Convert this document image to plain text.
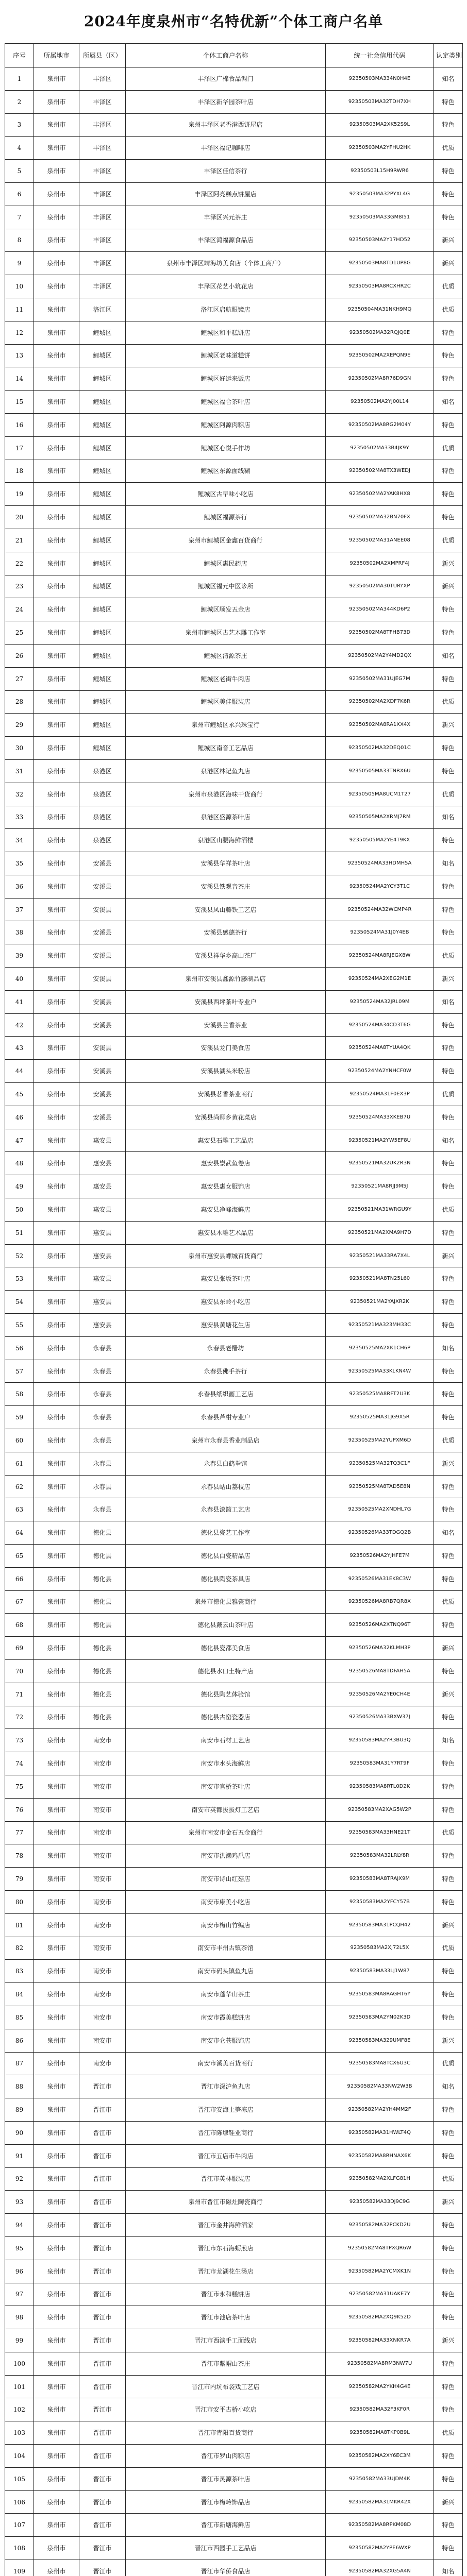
2024年度泉州市“名特优新”个体工商户名单
序号	所属地市	所属县（区）	个体工商户名称	统一社会信用代码	认定类别
1	泉州市	丰泽区	丰泽区广棉食品调门	92350503MA334N0H4E	知名
2	泉州市	丰泽区	丰泽区新华园茶叶店	92350503MA32TDH7XH	特色
3	泉州市	丰泽区	泉州丰泽区老香港西饼屋店	92350503MA2XK52S9L	特色
4	泉州市	丰泽区	丰泽区福记咖啡店	92350503MA2YFHU2HK	优质
5	泉州市	丰泽区	丰泽区佳信茶行	92350503L15H9RWR6	特色
6	泉州市	丰泽区	丰泽区阿亮糕点饼屋店	92350503MA32PYXL4G	特色
7	泉州市	丰泽区	丰泽区兴元茶庄	92350503MA33GM8I51	特色
8	泉州市	丰泽区	丰泽区鸿福源食品店	92350503MA2Y17HD52	新兴
9	泉州市	丰泽区	泉州市丰泽区靖海坊美食店（个体工商户）	92350503MA8TD1UP8G	新兴
10	泉州市	丰泽区	丰泽区花艺小筑花店	92350503MA8RCXHR2C	优质
11	泉州市	洛江区	洛江区启航眼镜店	92350504MA31NKH9MQ	优质
12	泉州市	鲤城区	鲤城区和平糕饼店	92350502MA32RQJQ0E	特色
13	泉州市	鲤城区	鲤城区老味道糕饼	92350502MA2XEPQN9E	特色
14	泉州市	鲤城区	鲤城区好运来饭店	92350502MA8R76D9GN	特色
15	泉州市	鲤城区	鲤城区福合茶叶店	92350502MA2YJ00L14	知名
16	泉州市	鲤城区	鲤城区阿源肉粽店	92350502MA8RG2M04Y	特色
17	泉州市	鲤城区	鲤城区心悦手作坊	92350502MA33B4JK9Y	优质
18	泉州市	鲤城区	鲤城区东源面线糊	92350502MA8TX3WEDJ	特色
19	泉州市	鲤城区	鲤城区古早味小吃店	92350502MA2YAK8HX8	特色
20	泉州市	鲤城区	鲤城区福源茶行	92350502MA32BN70FX	特色
21	泉州市	鲤城区	泉州市鲤城区金鑫百货商行	92350502MA31ANEE08	优质
22	泉州市	鲤城区	鲤城区惠民药店	92350502MA2XMPRF4J	新兴
23	泉州市	鲤城区	鲤城区福元中医诊所	92350502MA30TURYXP	新兴
24	泉州市	鲤城区	鲤城区顺发五金店	92350502MA344KD6P2	特色
25	泉州市	鲤城区	泉州市鲤城区古艺木雕工作室	92350502MA8TFHB73D	特色
26	泉州市	鲤城区	鲤城区清源茶庄	92350502MA2Y4MD2QX	知名
27	泉州市	鲤城区	鲤城区老街牛肉店	92350502MA31UJEG7M	特色
28	泉州市	鲤城区	鲤城区美佳服装店	92350502MA2XDF7K6R	优质
29	泉州市	鲤城区	泉州市鲤城区永兴珠宝行	92350502MA8RA1XX4X	新兴
30	泉州市	鲤城区	鲤城区南音工艺品店	92350502MA32DEQ01C	特色
31	泉州市	泉港区	泉港区林记鱼丸店	92350505MA33TNRX6U	特色
32	泉州市	泉港区	泉州市泉港区海味干货商行	92350505MA8UCM1T27	优质
33	泉州市	泉港区	泉港区盛源茶叶店	92350505MA2XRMJ7RM	知名
34	泉州市	泉港区	泉港区山腰海鲜酒楼	92350505MA2YE4T9KX	特色
35	泉州市	安溪县	安溪县华祥茶叶店	92350524MA33HDMH5A	知名
36	泉州市	安溪县	安溪县铁观音茶庄	92350524MA2YCY3T1C	特色
37	泉州市	安溪县	安溪县凤山藤铁工艺店	92350524MA32WCMP4R	特色
38	泉州市	安溪县	安溪县感德茶行	92350524MA31J0Y4EB	特色
39	泉州市	安溪县	安溪县祥华乡高山茶厂	92350524MA8RJEGX8W	优质
40	泉州市	安溪县	泉州市安溪县鑫源竹藤制品店	92350524MA2XEG2M1E	新兴
41	泉州市	安溪县	安溪县西坪茶叶专业户	92350524MA32JRL09M	知名
42	泉州市	安溪县	安溪县兰香茶业	92350524MA34CD3T6G	特色
43	泉州市	安溪县	安溪县龙门美食店	92350524MA8TYUA4QK	特色
44	泉州市	安溪县	安溪县湖头米粉店	92350524MA2YNHCF0W	特色
45	泉州市	安溪县	安溪县茗香茶业商行	92350524MA31F0EX3P	优质
46	泉州市	安溪县	安溪县尚卿乡黄花菜店	92350524MA33XKEB7U	特色
47	泉州市	惠安县	惠安县石雕工艺品店	92350521MA2YW5EF8U	知名
48	泉州市	惠安县	惠安县崇武鱼卷店	92350521MA32UK2R3N	特色
49	泉州市	惠安县	惠安县惠女服饰店	92350521MA8RJJ9M5J	特色
50	泉州市	惠安县	惠安县净峰海鲜店	92350521MA31WRGU9Y	优质
51	泉州市	惠安县	惠安县木雕艺术品店	92350521MA2XMA9H7D	特色
52	泉州市	惠安县	泉州市惠安县螺城百货商行	92350521MA33RA7X4L	新兴
53	泉州市	惠安县	惠安县张坂茶叶店	92350521MA8TN25L60	特色
54	泉州市	惠安县	惠安县东岭小吃店	92350521MA2YAJXR2K	特色
55	泉州市	惠安县	惠安县黄塘花生店	92350521MA323MH33C	特色
56	泉州市	永春县	永春县老醋坊	92350525MA2XK1CH6P	知名
57	泉州市	永春县	永春县佛手茶行	92350525MA33KLKN4W	特色
58	泉州市	永春县	永春县纸织画工艺店	92350525MA8RFT2U3K	特色
59	泉州市	永春县	永春县芦柑专业户	92350525MA31JG9X5R	特色
60	泉州市	永春县	泉州市永春县香业制品店	92350525MA2YUPXM6D	优质
61	泉州市	永春县	永春县白鹤拳馆	92350525MA32TQ3C1F	新兴
62	泉州市	永春县	永春县岵山荔枝店	92350525MA8TAD5E8N	特色
63	泉州市	永春县	永春县漆篮工艺店	92350525MA2XNDHL7G	特色
64	泉州市	德化县	德化县瓷艺工作室	92350526MA33TDGQ2B	知名
65	泉州市	德化县	德化县白瓷精品店	92350526MA2YJHFE7M	特色
66	泉州市	德化县	德化县陶瓷茶具店	92350526MA31EK8C3W	特色
67	泉州市	德化县	泉州市德化县雅瓷商行	92350526MA8RB7QR8X	优质
68	泉州市	德化县	德化县戴云山茶叶店	92350526MA2XTNQ96T	特色
69	泉州市	德化县	德化县瓷都美食店	92350526MA32KLMH3P	新兴
70	泉州市	德化县	德化县水口土特产店	92350526MA8TDFAH5A	特色
71	泉州市	德化县	德化县陶艺体验馆	92350526MA2YE0CH4E	新兴
72	泉州市	德化县	德化县古窑瓷器店	92350526MA33BXW37J	特色
73	泉州市	南安市	南安市石材工艺店	92350583MA2YR3BU3Q	知名
74	泉州市	南安市	南安市水头海鲜店	92350583MA31Y7RT9F	特色
75	泉州市	南安市	南安市官桥茶叶店	92350583MA8RTL0D2K	特色
76	泉州市	南安市	南安市英都拔拔灯工艺店	92350583MA2XAG5W2P	特色
77	泉州市	南安市	泉州市南安市金石五金商行	92350583MA33HNE21T	优质
78	泉州市	南安市	南安市洪濑鸡爪店	92350583MA32LRLY8R	特色
79	泉州市	南安市	南安市诗山红菇店	92350583MA8TRAJX9M	特色
80	泉州市	南安市	南安市康美小吃店	92350583MA2YFCY57B	特色
81	泉州市	南安市	南安市梅山竹编店	92350583MA31PCQH42	新兴
82	泉州市	南安市	南安市丰州古镇茶馆	92350583MA2XJ72L5X	优质
83	泉州市	南安市	南安市码头镇鱼丸店	92350583MA33LJ1W87	特色
84	泉州市	南安市	南安市蓬华山茶庄	92350583MA8RAGHT6Y	特色
85	泉州市	南安市	南安市霞美糕饼店	92350583MA2YN02K3D	特色
86	泉州市	南安市	南安市仑苍服饰店	92350583MA329UMF8E	新兴
87	泉州市	南安市	南安市溪美百货商行	92350583MA8TCX6U3C	优质
88	泉州市	晋江市	晋江市深沪鱼丸店	92350582MA33NW2W3B	知名
89	泉州市	晋江市	晋江市安海土笋冻店	92350582MA2YH4MM2F	特色
90	泉州市	晋江市	晋江市陈埭鞋业商行	92350582MA31HWLT4Q	特色
91	泉州市	晋江市	晋江市五店市牛肉店	92350582MA8RHNAX6K	特色
92	泉州市	晋江市	晋江市英林服装店	92350582MA2XLFG81H	优质
93	泉州市	晋江市	泉州市晋江市磁灶陶瓷商行	92350582MA33DJ9C9G	新兴
94	泉州市	晋江市	晋江市金井海鲜酒家	92350582MA32PCKD2U	特色
95	泉州市	晋江市	晋江市东石海蛎煎店	92350582MA8TPXQR6W	特色
96	泉州市	晋江市	晋江市龙湖花生汤店	92350582MA2YCMXK1N	特色
97	泉州市	晋江市	晋江市永和糕饼店	92350582MA31UAKE7Y	特色
98	泉州市	晋江市	晋江市池店茶叶店	92350582MA2XQ9K52D	特色
99	泉州市	晋江市	晋江市西滨手工面线店	92350582MA33XNKR7A	新兴
100	泉州市	晋江市	晋江市紫帽山茶庄	92350582MA8RM3NW7U	特色
101	泉州市	晋江市	晋江市内坑布袋戏工艺店	92350582MA2YKH4G4E	特色
102	泉州市	晋江市	晋江市安平古桥小吃店	92350582MA32F3KF0R	特色
103	泉州市	晋江市	晋江市青阳百货商行	92350582MA8TKP0B9L	优质
104	泉州市	晋江市	晋江市罗山肉粽店	92350582MA2XY6EC3M	特色
105	泉州市	晋江市	晋江市灵源茶叶店	92350582MA33UJDM4K	特色
106	泉州市	晋江市	晋江市梅岭饰品店	92350582MA31MKR42X	新兴
107	泉州市	晋江市	晋江市新塘海鲜店	92350582MA8RPKM08D	特色
108	泉州市	晋江市	晋江市西园手工艺品店	92350582MA2YPE6WXP	特色
109	泉州市	晋江市	晋江市华侨食品店	92350582MA32XG5A4N	知名
